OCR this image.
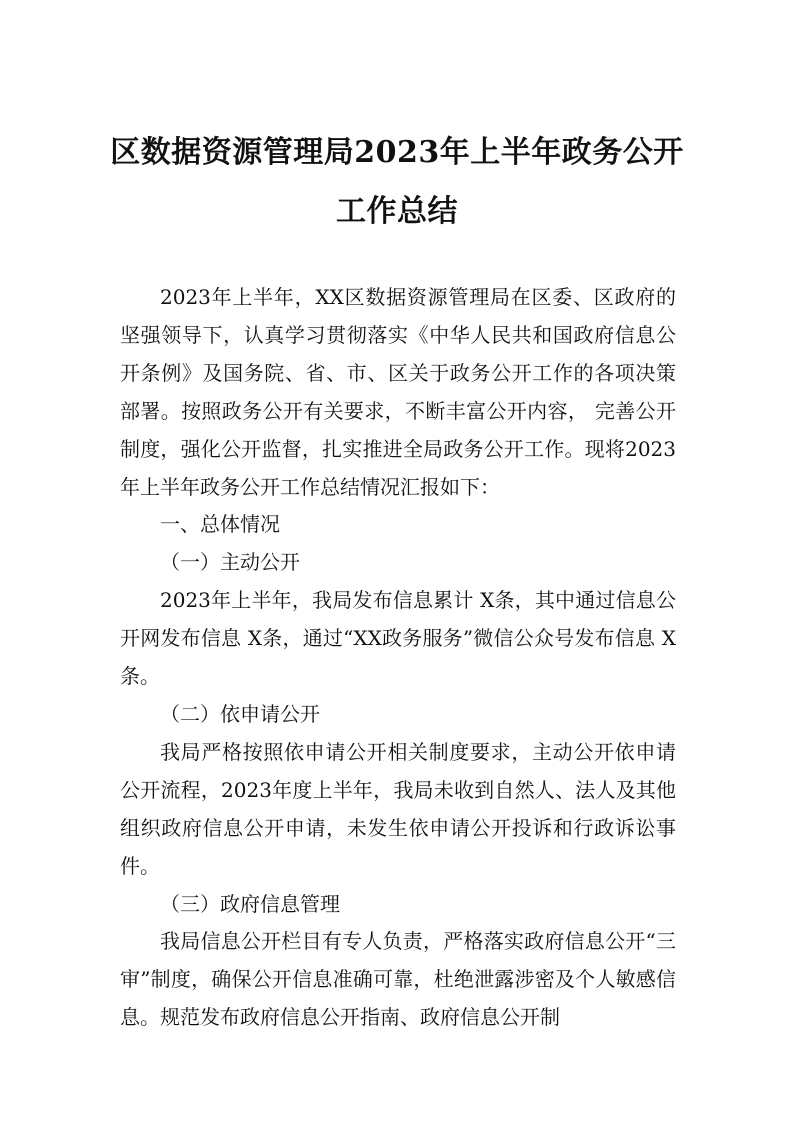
区数据资源管理局2023年上半年政务公开
工作总结

2023年上半年，XX区数据资源管理局在区委、区政府的坚强领导下，认真学习贯彻落实《中华人民共和国政府信息公开条例》及国务院、省、市、区关于政务公开工作的各项决策部署。按照政务公开有关要求，不断丰富公开内容， 完善公开制度，强化公开监督，扎实推进全局政务公开工作。现将2023年上半年政务公开工作总结情况汇报如下：

一、总体情况

（一）主动公开

2023年上半年，我局发布信息累计 X条，其中通过信息公开网发布信息 X条，通过“XX政务服务”微信公众号发布信息 X条。

（二）依申请公开

我局严格按照依申请公开相关制度要求，主动公开依申请公开流程，2023年度上半年，我局未收到自然人、法人及其他组织政府信息公开申请，未发生依申请公开投诉和行政诉讼事件。

（三）政府信息管理

我局信息公开栏目有专人负责，严格落实政府信息公开“三审”制度，确保公开信息准确可靠，杜绝泄露涉密及个人敏感信息。规范发布政府信息公开指南、政府信息公开制
